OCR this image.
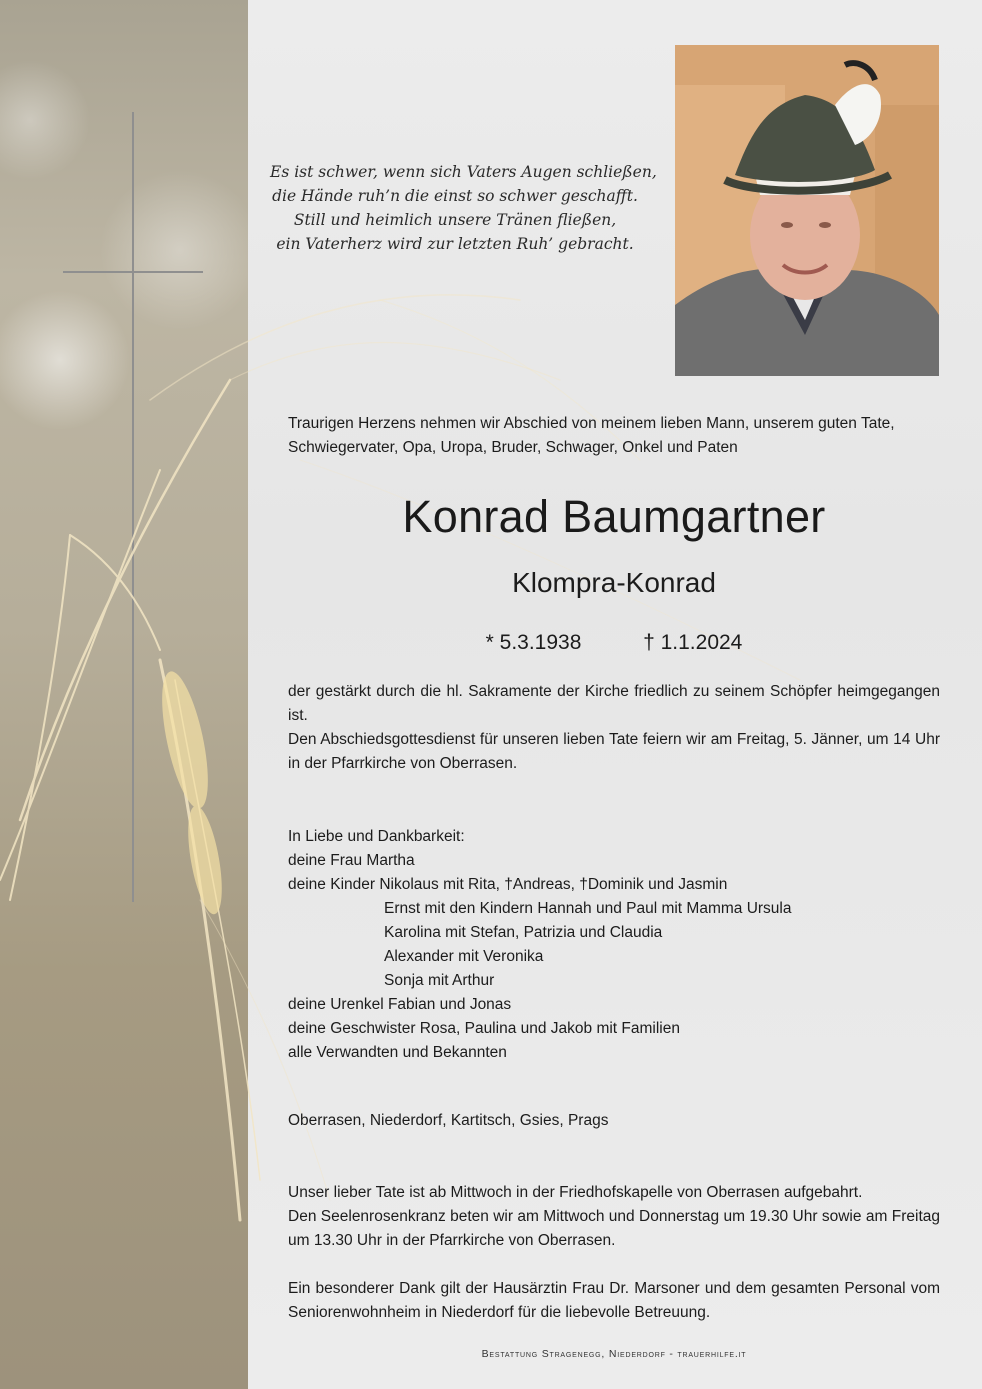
Es ist schwer, wenn sich Vaters Augen schließen,
die Hände ruh’n die einst so schwer geschafft.
Still und heimlich unsere Tränen fließen,
ein Vaterherz wird zur letzten Ruh’ gebracht.
Traurigen Herzens nehmen wir Abschied von meinem lieben Mann, unserem guten Tate, Schwiegervater, Opa, Uropa, Bruder, Schwager, Onkel und Paten
Konrad Baumgartner
Klompra-Konrad
* 5.3.1938	† 1.1.2024
der gestärkt durch die hl. Sakramente der Kirche friedlich zu seinem Schöpfer heimgegangen ist.
Den Abschiedsgottesdienst für unseren lieben Tate feiern wir am Freitag, 5. Jänner, um 14 Uhr in der Pfarrkirche von Oberrasen.
In Liebe und Dankbarkeit:
deine Frau Martha
deine Kinder Nikolaus mit Rita, †Andreas, †Dominik und Jasmin
Ernst mit den Kindern Hannah und Paul mit Mamma Ursula
Karolina mit Stefan, Patrizia und Claudia
Alexander mit Veronika
Sonja mit Arthur
deine Urenkel Fabian und Jonas
deine Geschwister Rosa, Paulina und Jakob mit Familien
alle Verwandten und Bekannten
Oberrasen, Niederdorf, Kartitsch, Gsies, Prags
Unser lieber Tate ist ab Mittwoch in der Friedhofskapelle von Oberrasen aufgebahrt.
Den Seelenrosenkranz beten wir am Mittwoch und Donnerstag um 19.30 Uhr sowie am Freitag um 13.30 Uhr in der Pfarrkirche von Oberrasen.
Ein besonderer Dank gilt der Hausärztin Frau Dr. Marsoner und dem gesamten Personal vom Seniorenwohnheim in Niederdorf für die liebevolle Betreuung.
Bestattung Stragenegg, Niederdorf - trauerhilfe.it
